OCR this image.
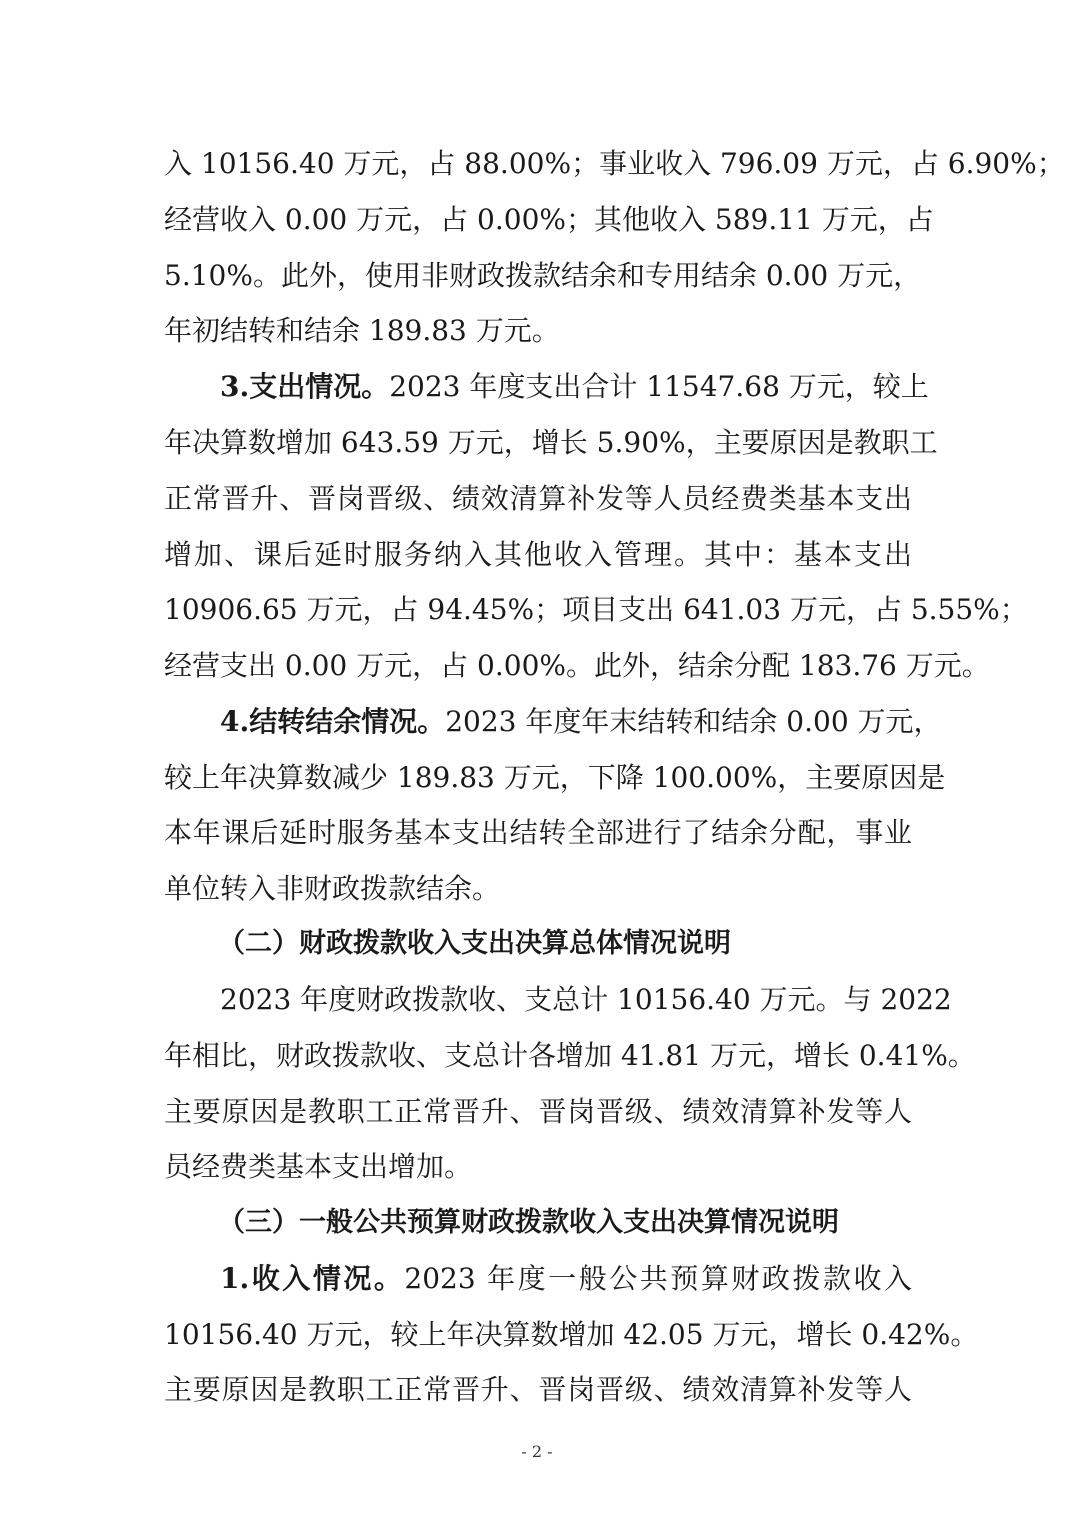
入 10156.40 万元，占 88.00%；事业收入 796.09 万元，占 6.90%；
经营收入 0.00 万元，占 0.00%；其他收入 589.11 万元，占
5.10%。此外，使用非财政拨款结余和专用结余 0.00 万元，
年初结转和结余 189.83 万元。
3.支出情况。2023 年度支出合计 11547.68 万元，较上
年决算数增加 643.59 万元，增长 5.90%，主要原因是教职工
正常晋升、晋岗晋级、绩效清算补发等人员经费类基本支出
增加、课后延时服务纳入其他收入管理。其中：基本支出
10906.65 万元，占 94.45%；项目支出 641.03 万元，占 5.55%；
经营支出 0.00 万元，占 0.00%。此外，结余分配 183.76 万元。
4.结转结余情况。2023 年度年末结转和结余 0.00 万元，
较上年决算数减少 189.83 万元，下降 100.00%，主要原因是
本年课后延时服务基本支出结转全部进行了结余分配，事业
单位转入非财政拨款结余。
（二）财政拨款收入支出决算总体情况说明
2023 年度财政拨款收、支总计 10156.40 万元。与 2022
年相比，财政拨款收、支总计各增加 41.81 万元，增长 0.41%。
主要原因是教职工正常晋升、晋岗晋级、绩效清算补发等人
员经费类基本支出增加。
（三）一般公共预算财政拨款收入支出决算情况说明
1.收入情况。2023 年度一般公共预算财政拨款收入
10156.40 万元，较上年决算数增加 42.05 万元，增长 0.42%。
主要原因是教职工正常晋升、晋岗晋级、绩效清算补发等人
- 2 -
